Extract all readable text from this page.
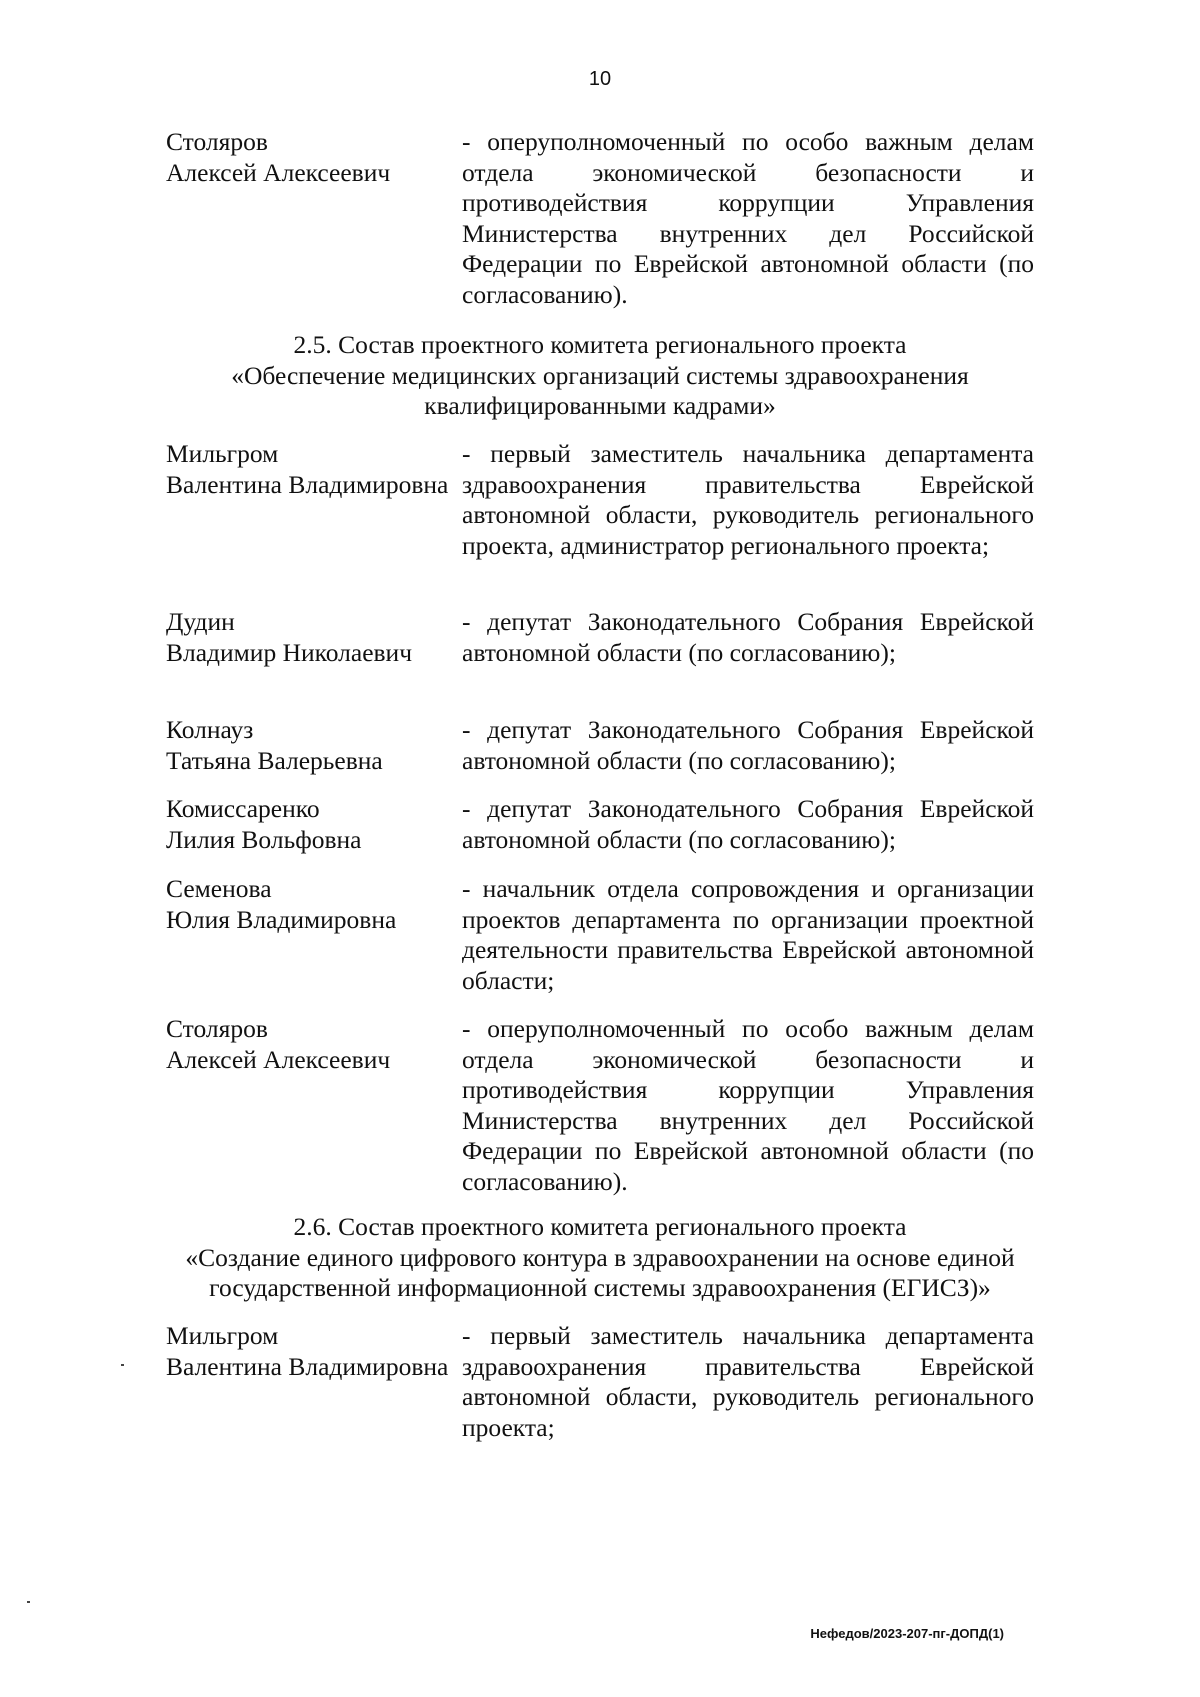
10
Столяров
Алексей Алексеевич
- оперуполномоченный по особо важным делам отдела экономической безопасности и противодействия коррупции Управления Министерства внутренних дел Российской Федерации по Еврейской автономной области (по согласованию).
2.5. Состав проектного комитета регионального проекта
«Обеспечение медицинских организаций системы здравоохранения
квалифицированными кадрами»
Мильгром
Валентина Владимировна
- первый заместитель начальника департамента здравоохранения правительства Еврейской автономной области, руководитель регионального проекта, администратор регионального проекта;
Дудин
Владимир Николаевич
- депутат Законодательного Собрания Еврейской автономной области (по согласованию);
Колнауз
Татьяна Валерьевна
- депутат Законодательного Собрания Еврейской автономной области (по согласованию);
Комиссаренко
Лилия Вольфовна
- депутат Законодательного Собрания Еврейской автономной области (по согласованию);
Семенова
Юлия Владимировна
- начальник отдела сопровождения и организации проектов департамента по организации проектной деятельности правительства Еврейской автономной области;
Столяров
Алексей Алексеевич
- оперуполномоченный по особо важным делам отдела экономической безопасности и противодействия коррупции Управления Министерства внутренних дел Российской Федерации по Еврейской автономной области (по согласованию).
2.6. Состав проектного комитета регионального проекта
«Создание единого цифрового контура в здравоохранении на основе единой
государственной информационной системы здравоохранения (ЕГИСЗ)»
Мильгром
Валентина Владимировна
- первый заместитель начальника департамента здравоохранения правительства Еврейской автономной области, руководитель регионального проекта;
Нефедов/2023-207-пг-ДОПД(1)
